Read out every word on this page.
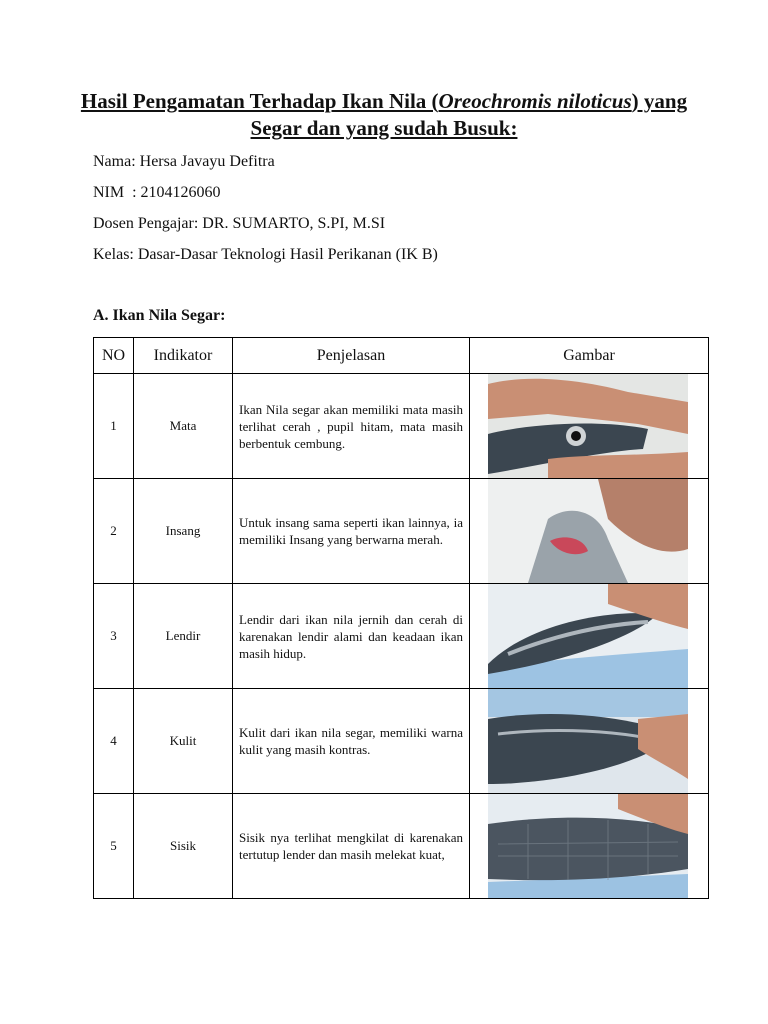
Hasil Pengamatan Terhadap Ikan Nila (Oreochromis niloticus) yang Segar dan yang sudah Busuk:
Nama: Hersa Javayu Defitra
NIM  : 2104126060
Dosen Pengajar: DR. SUMARTO, S.PI, M.SI
Kelas: Dasar-Dasar Teknologi Hasil Perikanan (IK B)
A. Ikan Nila Segar:
NO	Indikator	Penjelasan	Gambar
1	Mata	Ikan Nila segar akan memiliki mata masih terlihat cerah , pupil hitam, mata masih berbentuk cembung.	

2	Insang	Untuk insang sama seperti ikan lainnya, ia memiliki Insang yang berwarna merah.	

3	Lendir	Lendir dari ikan nila jernih dan cerah di karenakan lendir alami dan keadaan ikan masih hidup.	

4	Kulit	Kulit dari ikan nila segar, memiliki warna kulit yang masih kontras.	

5	Sisik	Sisik nya terlihat mengkilat di karenakan tertutup lender dan masih melekat kuat,	
